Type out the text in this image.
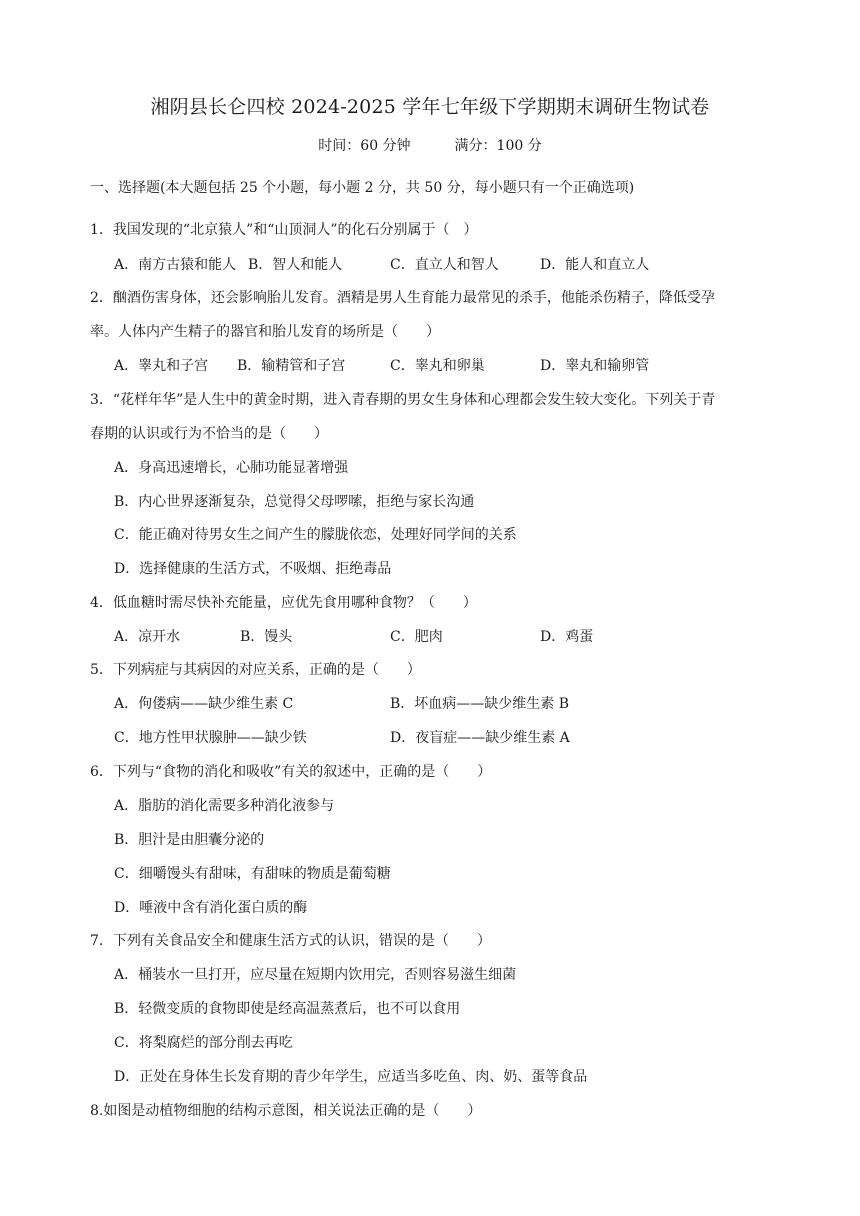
湘阴县长仑四校 2024-2025 学年七年级下学期期末调研生物试卷
时间：60 分钟	满分：100 分
一、选择题(本大题包括 25 个小题，每小题 2 分，共 50 分，每小题只有一个正确选项)
1．我国发现的“北京猿人”和“山顶洞人”的化石分别属于（　）
A．南方古猿和能人 B．智人和能人	C．直立人和智人	D．能人和直立人
2．酗酒伤害身体，还会影响胎儿发育。酒精是男人生育能力最常见的杀手，他能杀伤精子，降低受孕
率。人体内产生精子的器官和胎儿发育的场所是（　　）
A．睾丸和子宫 B．输精管和子宫	C．睾丸和卵巢	D．睾丸和输卵管
3．“花样年华”是人生中的黄金时期，进入青春期的男女生身体和心理都会发生较大变化。下列关于青
春期的认识或行为不恰当的是（　　）
A．身高迅速增长，心肺功能显著增强
B．内心世界逐渐复杂，总觉得父母啰嗦，拒绝与家长沟通
C．能正确对待男女生之间产生的朦胧依恋，处理好同学间的关系
D．选择健康的生活方式，不吸烟、拒绝毒品
4．低血糖时需尽快补充能量，应优先食用哪种食物？（　　）
A．凉开水	B．馒头	C．肥肉	D．鸡蛋
5．下列病症与其病因的对应关系，正确的是（　　）
A．佝偻病——缺少维生素 C	B．坏血病——缺少维生素 B
C．地方性甲状腺肿——缺少铁	D．夜盲症——缺少维生素 A
6．下列与“食物的消化和吸收”有关的叙述中，正确的是（　　）
A．脂肪的消化需要多种消化液参与
B．胆汁是由胆囊分泌的
C．细嚼馒头有甜味，有甜味的物质是葡萄糖
D．唾液中含有消化蛋白质的酶
7．下列有关食品安全和健康生活方式的认识，错误的是（　　）
A．桶装水一旦打开，应尽量在短期内饮用完，否则容易滋生细菌
B．轻微变质的食物即使是经高温蒸煮后，也不可以食用
C．将梨腐烂的部分削去再吃
D．正处在身体生长发育期的青少年学生，应适当多吃鱼、肉、奶、蛋等食品
8.如图是动植物细胞的结构示意图，相关说法正确的是（　　）
